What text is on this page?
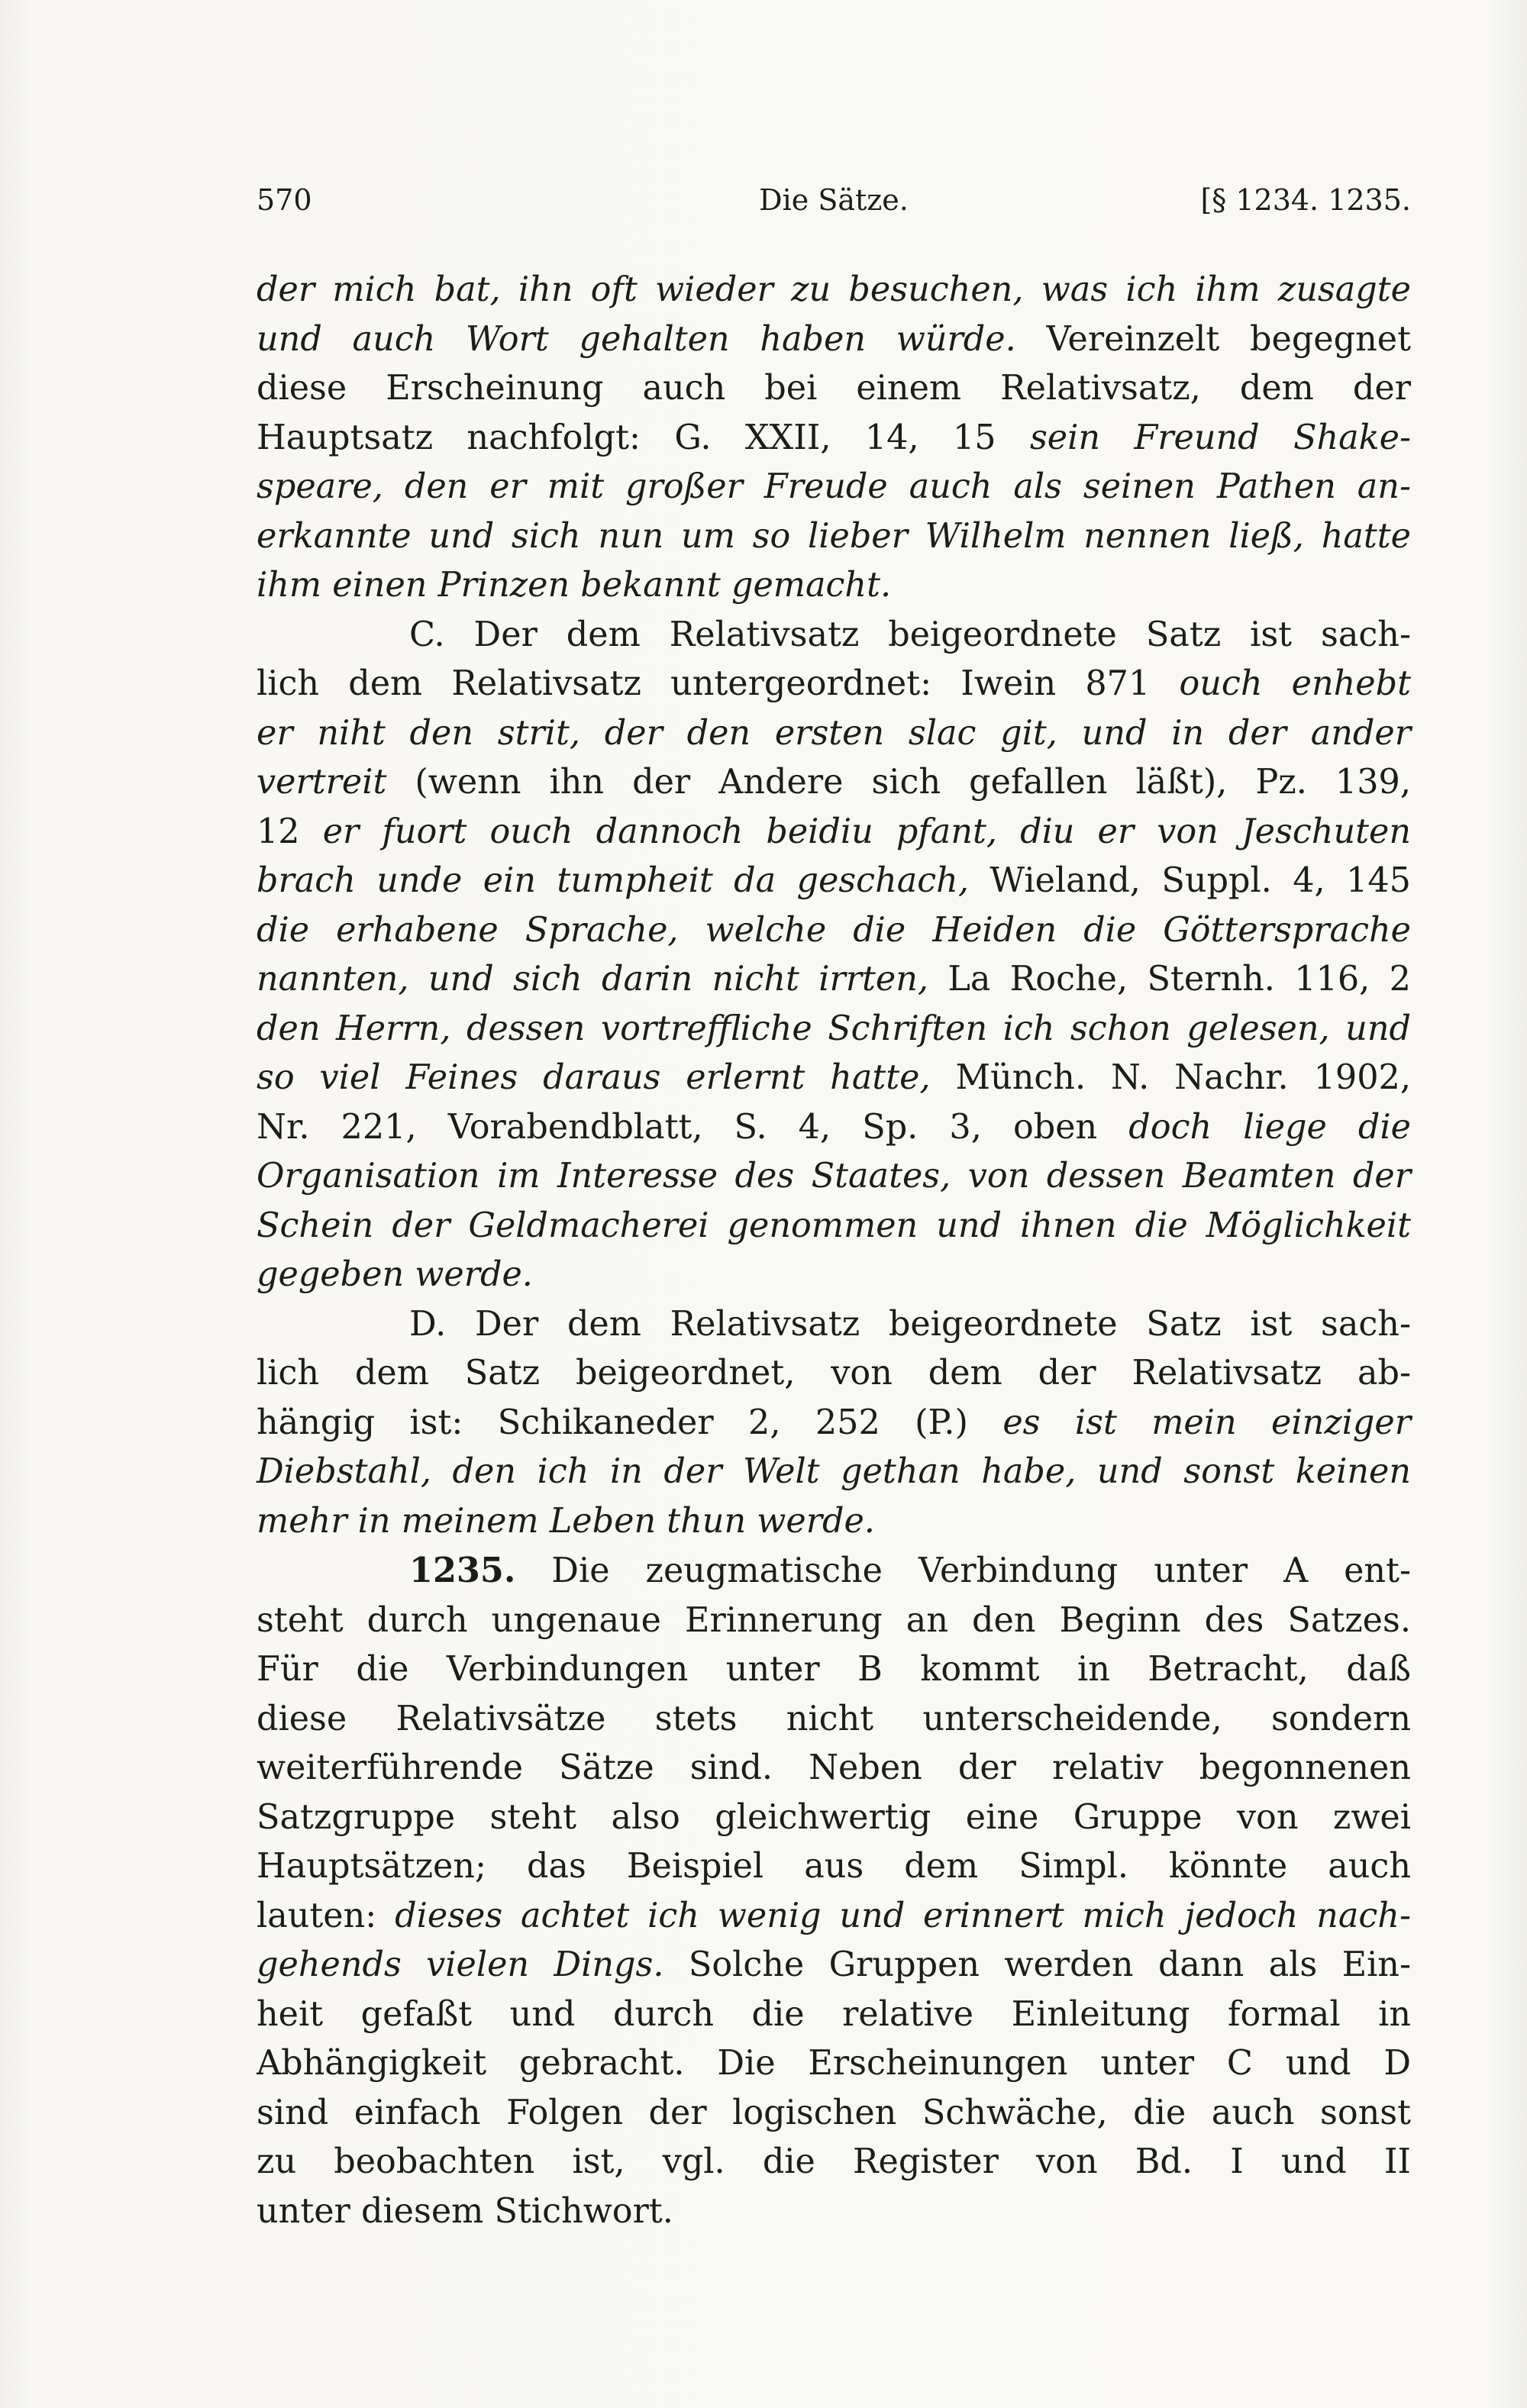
570	Die Sätze.	[§ 1234. 1235.
der mich bat, ihn oft wieder zu besuchen, was ich ihm zusagte
und auch Wort gehalten haben würde. Vereinzelt begegnet
diese Erscheinung auch bei einem Relativsatz, dem der
Hauptsatz nachfolgt: G. XXII, 14, 15 sein Freund Shake-
speare, den er mit großer Freude auch als seinen Pathen an-
erkannte und sich nun um so lieber Wilhelm nennen ließ, hatte
ihm einen Prinzen bekannt gemacht.
C. Der dem Relativsatz beigeordnete Satz ist sach-
lich dem Relativsatz untergeordnet: Iwein 871 ouch enhebt
er niht den strit, der den ersten slac git, und in der ander
vertreit (wenn ihn der Andere sich gefallen läßt), Pz. 139,
12 er fuort ouch dannoch beidiu pfant, diu er von Jeschuten
brach unde ein tumpheit da geschach, Wieland, Suppl. 4, 145
die erhabene Sprache, welche die Heiden die Göttersprache
nannten, und sich darin nicht irrten, La Roche, Sternh. 116, 2
den Herrn, dessen vortreffliche Schriften ich schon gelesen, und
so viel Feines daraus erlernt hatte, Münch. N. Nachr. 1902,
Nr. 221, Vorabendblatt, S. 4, Sp. 3, oben doch liege die
Organisation im Interesse des Staates, von dessen Beamten der
Schein der Geldmacherei genommen und ihnen die Möglichkeit
gegeben werde.
D. Der dem Relativsatz beigeordnete Satz ist sach-
lich dem Satz beigeordnet, von dem der Relativsatz ab-
hängig ist: Schikaneder 2, 252 (P.) es ist mein einziger
Diebstahl, den ich in der Welt gethan habe, und sonst keinen
mehr in meinem Leben thun werde.
1235. Die zeugmatische Verbindung unter A ent-
steht durch ungenaue Erinnerung an den Beginn des Satzes.
Für die Verbindungen unter B kommt in Betracht, daß
diese Relativsätze stets nicht unterscheidende, sondern
weiterführende Sätze sind. Neben der relativ begonnenen
Satzgruppe steht also gleichwertig eine Gruppe von zwei
Hauptsätzen; das Beispiel aus dem Simpl. könnte auch
lauten: dieses achtet ich wenig und erinnert mich jedoch nach-
gehends vielen Dings. Solche Gruppen werden dann als Ein-
heit gefaßt und durch die relative Einleitung formal in
Abhängigkeit gebracht. Die Erscheinungen unter C und D
sind einfach Folgen der logischen Schwäche, die auch sonst
zu beobachten ist, vgl. die Register von Bd. I und II
unter diesem Stichwort.
